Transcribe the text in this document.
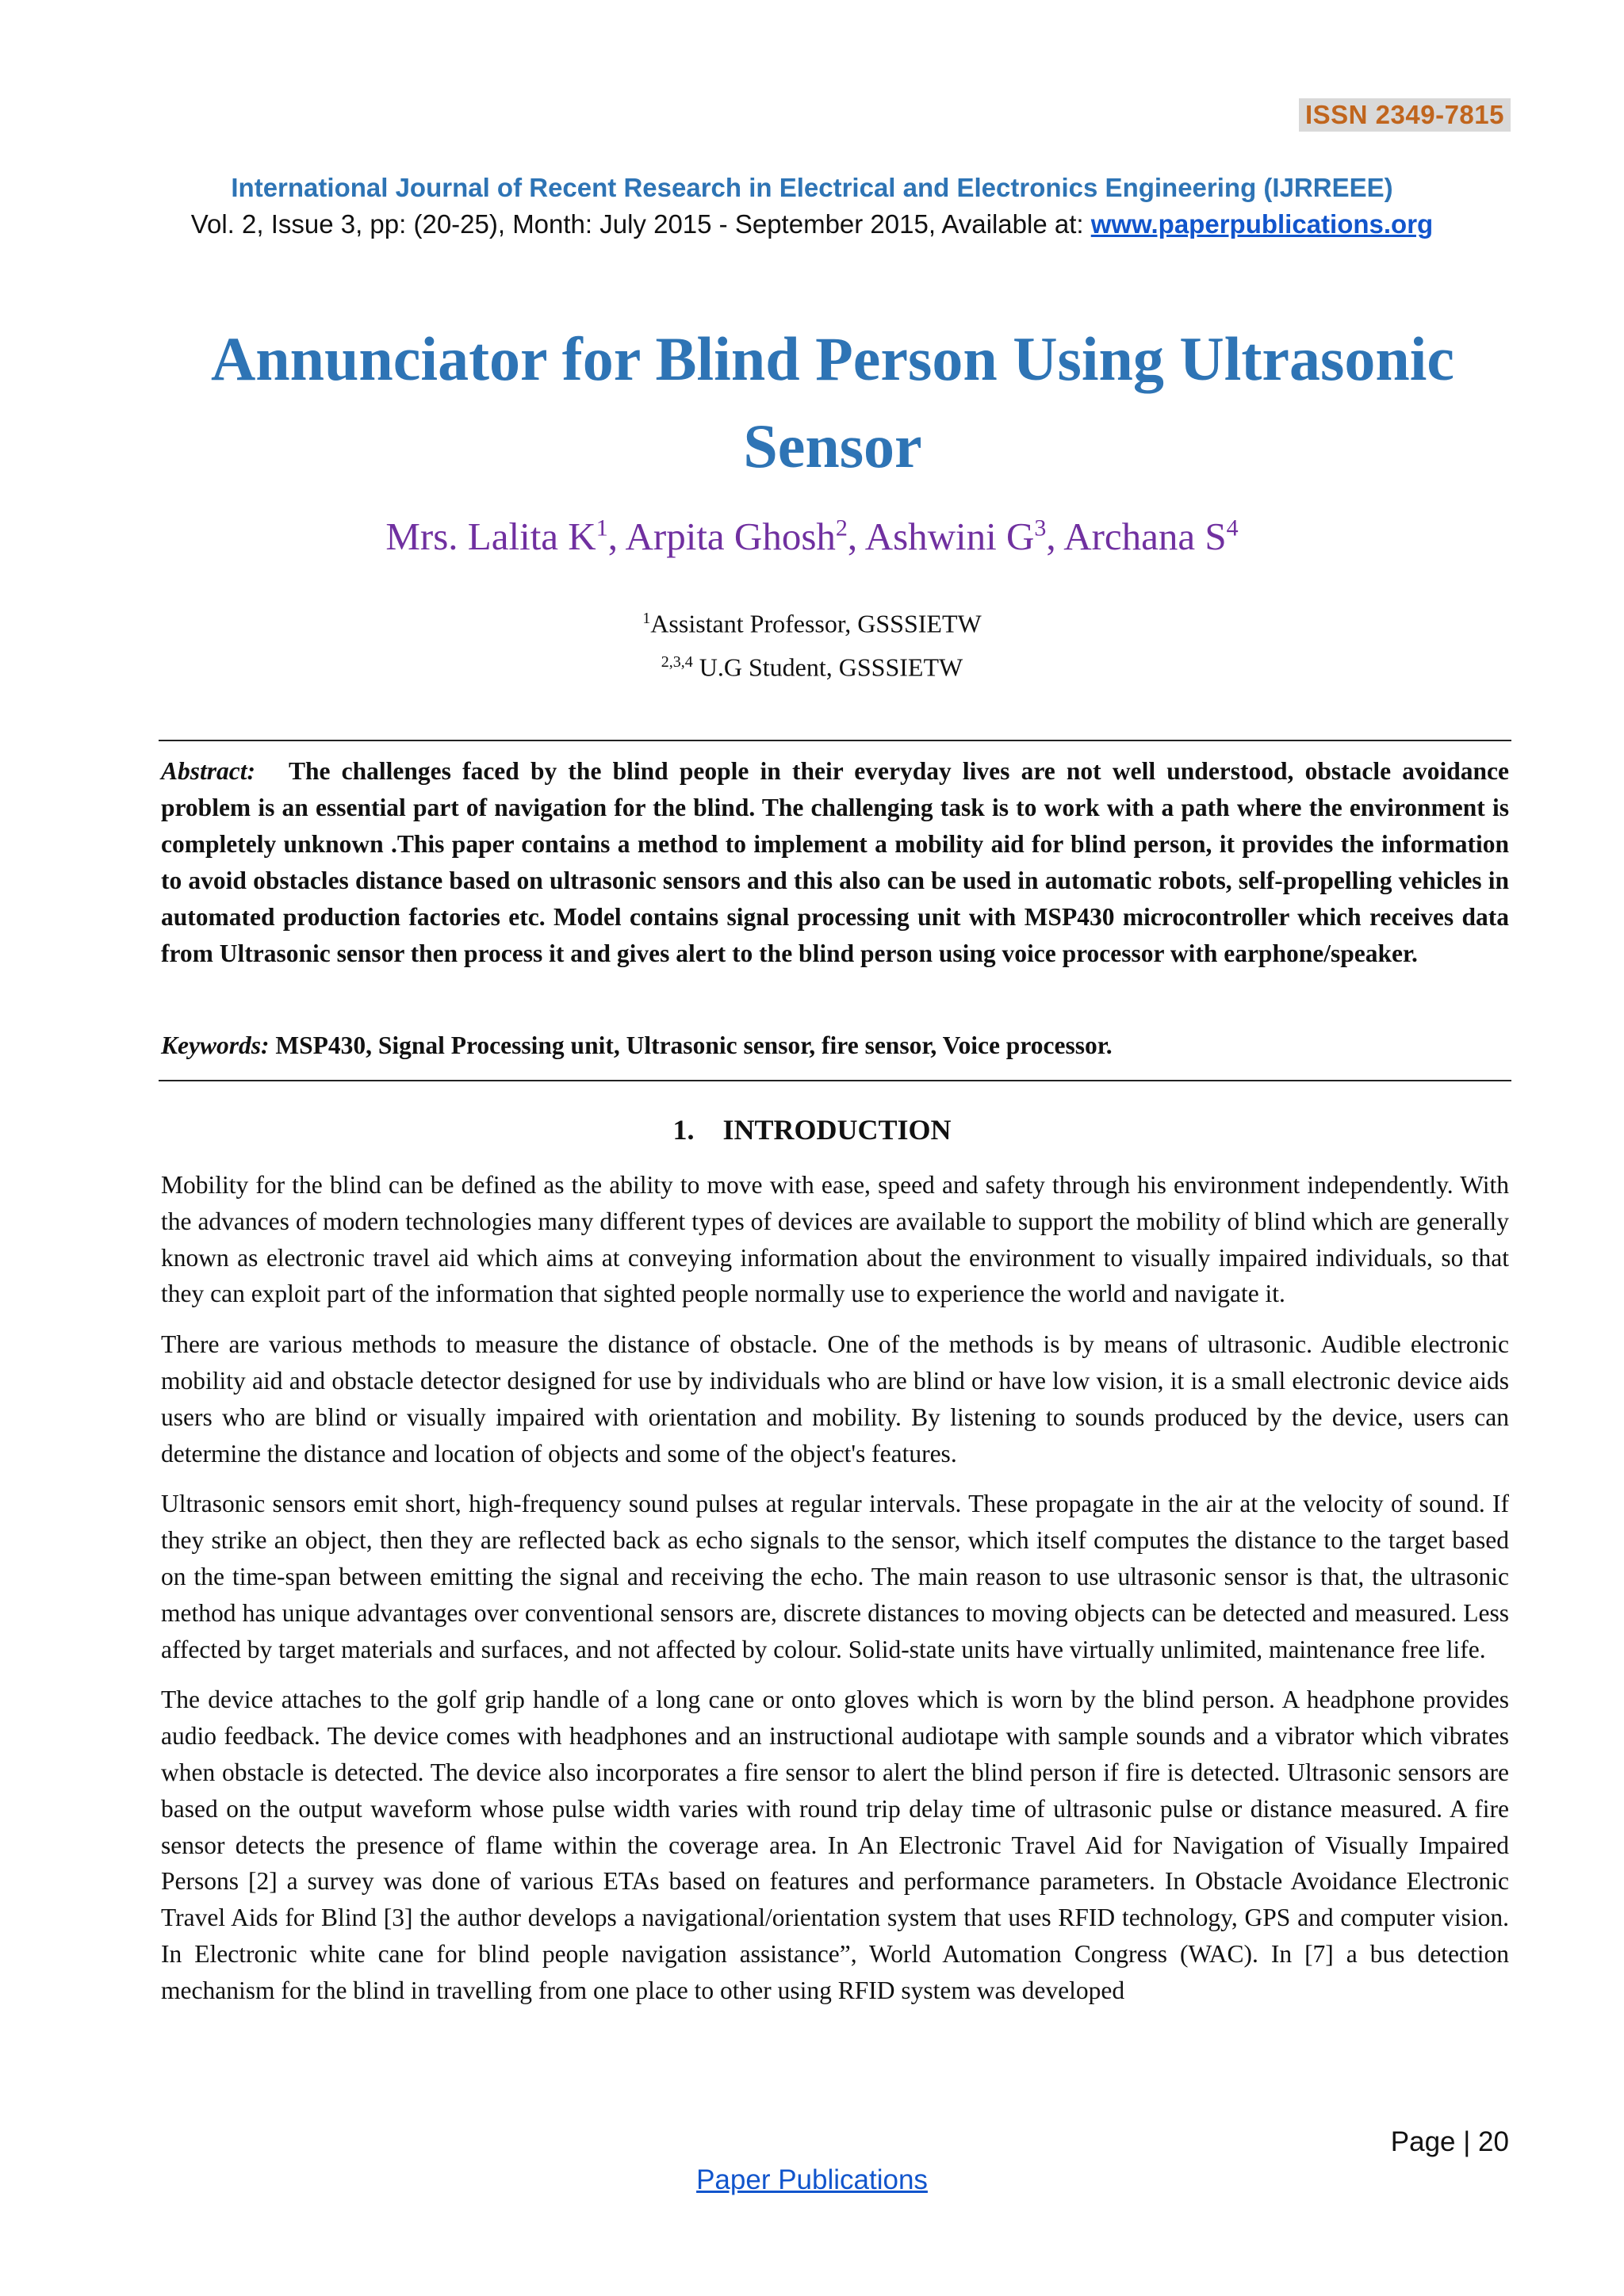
ISSN 2349-7815
International Journal of Recent Research in Electrical and Electronics Engineering (IJRREEE)
Vol. 2, Issue 3, pp: (20-25), Month: July 2015 - September 2015, Available at: www.paperpublications.org
Annunciator for Blind Person Using Ultrasonic Sensor
Mrs. Lalita $K^1$, Arpita Ghosh$^2$, Ashwini $G^3$, Archana $S^4$
$^1$Assistant Professor, GSSSIETW
$^{2,3,4}$ U.G Student, GSSSIETW
Abstract: The challenges faced by the blind people in their everyday lives are not well understood, obstacle avoidance problem is an essential part of navigation for the blind. The challenging task is to work with a path where the environment is completely unknown .This paper contains a method to implement a mobility aid for blind person, it provides the information to avoid obstacles distance based on ultrasonic sensors and this also can be used in automatic robots, self-propelling vehicles in automated production factories etc. Model contains signal processing unit with MSP430 microcontroller which receives data from Ultrasonic sensor then process it and gives alert to the blind person using voice processor with earphone/speaker.
Keywords: MSP430, Signal Processing unit, Ultrasonic sensor, fire sensor, Voice processor.
1. INTRODUCTION

Mobility for the blind can be defined as the ability to move with ease, speed and safety through his environment independently. With the advances of modern technologies many different types of devices are available to support the mobility of blind which are generally known as electronic travel aid which aims at conveying information about the environment to visually impaired individuals, so that they can exploit part of the information that sighted people normally use to experience the world and navigate it.

There are various methods to measure the distance of obstacle. One of the methods is by means of ultrasonic. Audible electronic mobility aid and obstacle detector designed for use by individuals who are blind or have low vision, it is a small electronic device aids users who are blind or visually impaired with orientation and mobility. By listening to sounds produced by the device, users can determine the distance and location of objects and some of the object's features.

Ultrasonic sensors emit short, high-frequency sound pulses at regular intervals. These propagate in the air at the velocity of sound. If they strike an object, then they are reflected back as echo signals to the sensor, which itself computes the distance to the target based on the time-span between emitting the signal and receiving the echo. The main reason to use ultrasonic sensor is that, the ultrasonic method has unique advantages over conventional sensors are, discrete distances to moving objects can be detected and measured. Less affected by target materials and surfaces, and not affected by colour. Solid-state units have virtually unlimited, maintenance free life.

The device attaches to the golf grip handle of a long cane or onto gloves which is worn by the blind person. A headphone provides audio feedback. The device comes with headphones and an instructional audiotape with sample sounds and a vibrator which vibrates when obstacle is detected. The device also incorporates a fire sensor to alert the blind person if fire is detected. Ultrasonic sensors are based on the output waveform whose pulse width varies with round trip delay time of ultrasonic pulse or distance measured. A fire sensor detects the presence of flame within the coverage area. In An Electronic Travel Aid for Navigation of Visually Impaired Persons [2] a survey was done of various ETAs based on features and performance parameters. In Obstacle Avoidance Electronic Travel Aids for Blind [3] the author develops a navigational/orientation system that uses RFID technology, GPS and computer vision. In Electronic white cane for blind people navigation assistance”, World Automation Congress (WAC). In [7] a bus detection mechanism for the blind in travelling from one place to other using RFID system was developed

Page | 20
Paper Publications
